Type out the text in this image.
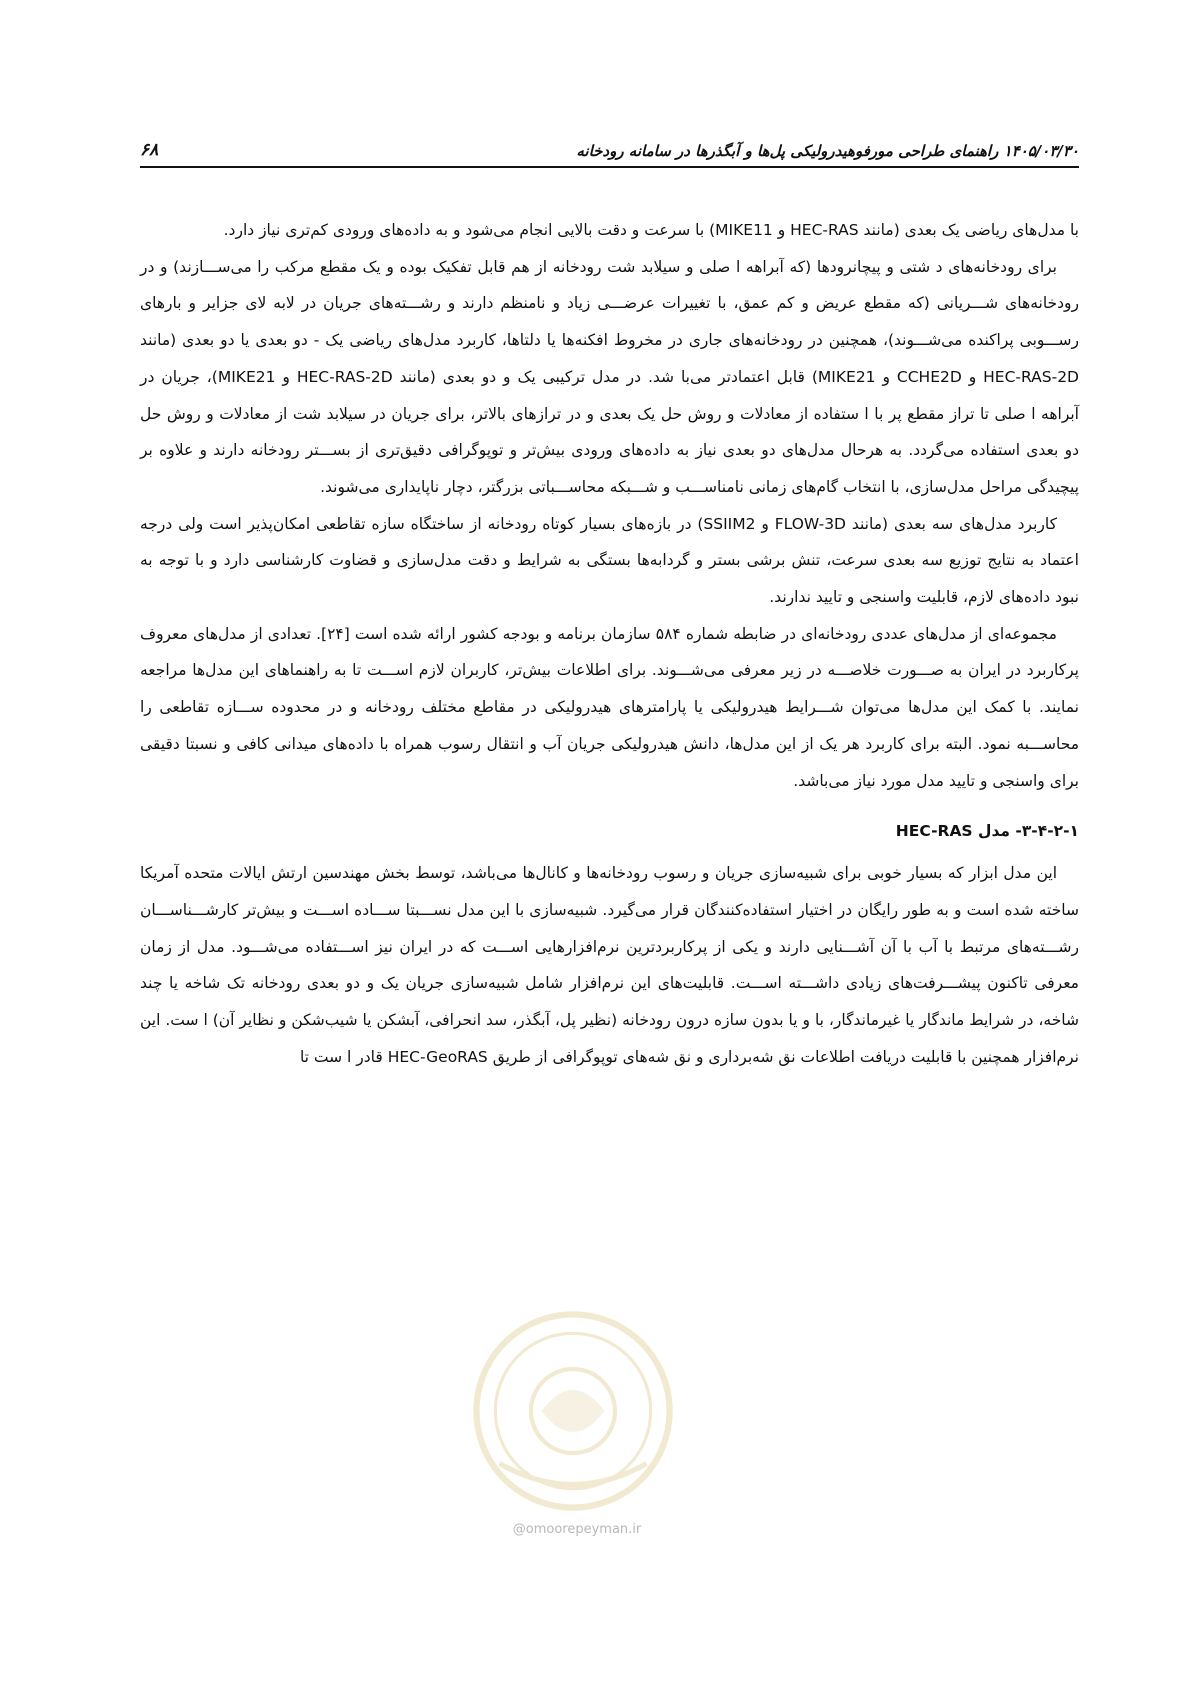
۱۴۰۵/۰۳/۳۰ راهنمای طراحی مورفوهیدرولیکی پل‌ها و آبگذرها در سامانه رودخانه
۶۸

با مدل‌های ریاضی یک بعدی (مانند HEC-RAS و MIKE11) با سرعت و دقت بالایی انجام می‌شود و به داده‌های ورودی کم‌تری نیاز دارد.

برای رودخانه‌های د شتی و پیچانرودها (که آبراهه ا صلی و سیلابد شت رودخانه از هم قابل تفکیک بوده و یک مقطع مرکب را می‌ســـازند) و در رودخانه‌های شـــریانی (که مقطع عریض و کم عمق، با تغییرات عرضـــی زیاد و نامنظم دارند و رشـــته‌های جریان در لابه لای جزایر و بارهای رســـوبی پراکنده می‌شـــوند)، همچنین در رودخانه‌های جاری در مخروط افکنه‌ها یا دلتاها، کاربرد مدل‌های ریاضی یک - دو بعدی یا دو بعدی (مانند HEC-RAS-2D و CCHE2D و MIKE21) قابل اعتمادتر می‌با شد. در مدل ترکیبی یک و دو بعدی (مانند HEC-RAS-2D و MIKE21)، جریان در آبراهه ا صلی تا تراز مقطع پر با ا ستفاده از معادلات و روش حل یک بعدی و در ترازهای بالاتر، برای جریان در سیلابد شت از معادلات و روش حل دو بعدی استفاده می‌گردد. به هرحال مدل‌های دو بعدی نیاز به داده‌های ورودی بیش‌تر و توپوگرافی دقیق‌تری از بســـتر رودخانه دارند و علاوه بر پیچیدگی مراحل مدل‌سازی، با انتخاب گام‌های زمانی نامناســـب و شـــبکه محاســـباتی بزرگتر، دچار ناپایداری می‌شوند.

کاربرد مدل‌های سه بعدی (مانند FLOW-3D و SSIIM2) در بازه‌های بسیار کوتاه رودخانه از ساختگاه سازه تقاطعی امکان‌پذیر است ولی درجه اعتماد به نتایج توزیع سه بعدی سرعت، تنش برشی بستر و گردابه‌ها بستگی به شرایط و دقت مدل‌سازی و قضاوت کارشناسی دارد و با توجه به نبود داده‌های لازم، قابلیت واسنجی و تایید ندارند.

مجموعه‌ای از مدل‌های عددی رودخانه‌ای در ضابطه شماره ۵۸۴ سازمان برنامه و بودجه کشور ارائه شده است [۲۴]. تعدادی از مدل‌های معروف پرکاربرد در ایران به صـــورت خلاصـــه در زیر معرفی می‌شـــوند. برای اطلاعات بیش‌تر، کاربران لازم اســـت تا به راهنماهای این مدل‌ها مراجعه نمایند. با کمک این مدل‌ها می‌توان شـــرایط هیدرولیکی یا پارامترهای هیدرولیکی در مقاطع مختلف رودخانه و در محدوده ســـازه تقاطعی را محاســـبه نمود. البته برای کاربرد هر یک از این مدل‌ها، دانش هیدرولیکی جریان آب و انتقال رسوب همراه با داده‌های میدانی کافی و نسبتا دقیقی برای واسنجی و تایید مدل مورد نیاز می‌باشد.

۳-۴-۲-۱- مدل HEC-RAS

این مدل ابزار که بسیار خوبی برای شبیه‌سازی جریان و رسوب رودخانه‌ها و کانال‌ها می‌باشد، توسط بخش مهندسین ارتش ایالات متحده آمریکا ساخته شده است و به طور رایگان در اختیار استفاده‌کنندگان قرار می‌گیرد. شبیه‌سازی با این مدل نســـبتا ســـاده اســـت و بیش‌تر کارشـــناســـان رشـــته‌های مرتبط با آب با آن آشـــنایی دارند و یکی از پرکاربردترین نرم‌افزارهایی اســـت که در ایران نیز اســـتفاده می‌شـــود. مدل از زمان معرفی تاکنون پیشـــرفت‌های زیادی داشـــته اســـت. قابلیت‌های این نرم‌افزار شامل شبیه‌سازی جریان یک و دو بعدی رودخانه تک شاخه یا چند شاخه، در شرایط ماندگار یا غیرماندگار، با و یا بدون سازه درون رودخانه (نظیر پل، آبگذر، سد انحرافی، آبشکن یا شیب‌شکن و نظایر آن) ا ست. این نرم‌افزار همچنین با قابلیت دریافت اطلاعات نق شه‌برداری و نق شه‌های توپوگرافی از طریق HEC-GeoRAS قادر ا ست تا

@omoorepeyman.ir
